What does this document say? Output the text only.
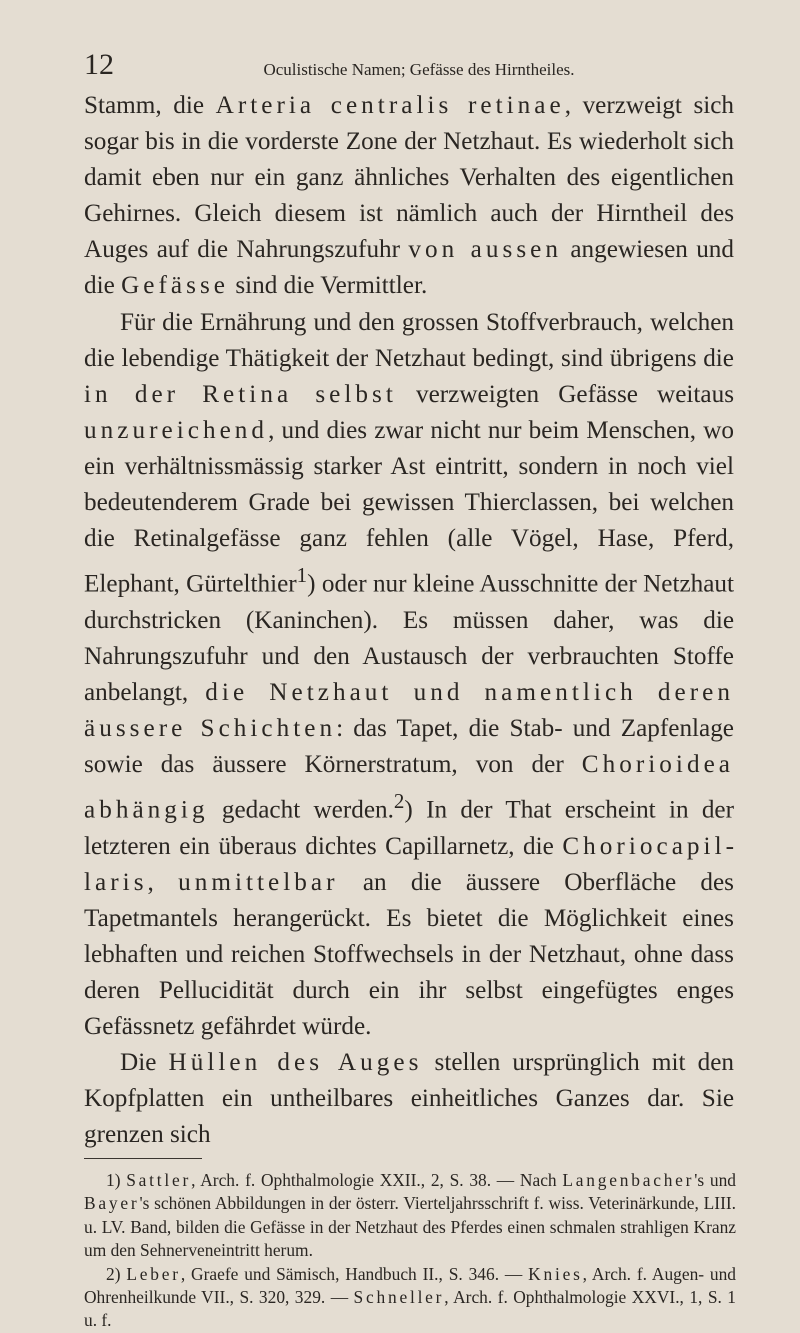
12	Oculistische Namen; Gefässe des Hirntheiles.

Stamm, die Arteria centralis retinae, verzweigt sich sogar bis in die vorderste Zone der Netzhaut. Es wiederholt sich damit eben nur ein ganz ähnliches Verhalten des eigentlichen Gehirnes. Gleich diesem ist nämlich auch der Hirntheil des Auges auf die Nahrungszufuhr von aussen angewiesen und die Gefässe sind die Vermittler.

Für die Ernährung und den grossen Stoffverbrauch, welchen die lebendige Thätigkeit der Netzhaut bedingt, sind übrigens die in der Retina selbst verzweigten Gefässe weitaus unzureichend, und dies zwar nicht nur beim Menschen, wo ein verhältnissmässig starker Ast eintritt, sondern in noch viel bedeutenderem Grade bei gewissen Thierclassen, bei welchen die Retinalgefässe ganz fehlen (alle Vögel, Hase, Pferd, Elephant, Gürtelthier$^1$) oder nur kleine Ausschnitte der Netzhaut durchstricken (Kaninchen). Es müssen daher, was die Nahrungszufuhr und den Austausch der verbrauchten Stoffe anbelangt, die Netzhaut und namentlich deren äussere Schichten: das Tapet, die Stab- und Zapfenlage sowie das äussere Körnerstratum, von der Chorioidea abhängig gedacht werden.$^2$) In der That erscheint in der letzteren ein überaus dichtes Capillarnetz, die Choriocapillaris, unmittelbar an die äussere Oberfläche des Tapetmantels herangerückt. Es bietet die Möglichkeit eines lebhaften und reichen Stoffwechsels in der Netzhaut, ohne dass deren Pelluciditӓt durch ein ihr selbst eingefügtes enges Gefässnetz gefährdet würde.

Die Hüllen des Auges stellen ursprünglich mit den Kopfplatten ein untheilbares einheitliches Ganzes dar. Sie grenzen sich

1) Sattler, Arch. f. Ophthalmologie XXII., 2, S. 38. — Nach Langenbacher's und Bayer's schönen Abbildungen in der österr. Vierteljahrsschrift f. wiss. Veterinärkunde, LIII. u. LV. Band, bilden die Gefässe in der Netzhaut des Pferdes einen schmalen strahligen Kranz um den Sehnerveneintritt herum.

2) Leber, Graefe und Sämisch, Handbuch II., S. 346. — Knies, Arch. f. Augen- und Ohrenheilkunde VII., S. 320, 329. — Schneller, Arch. f. Ophthalmologie XXVI., 1, S. 1 u. f.
